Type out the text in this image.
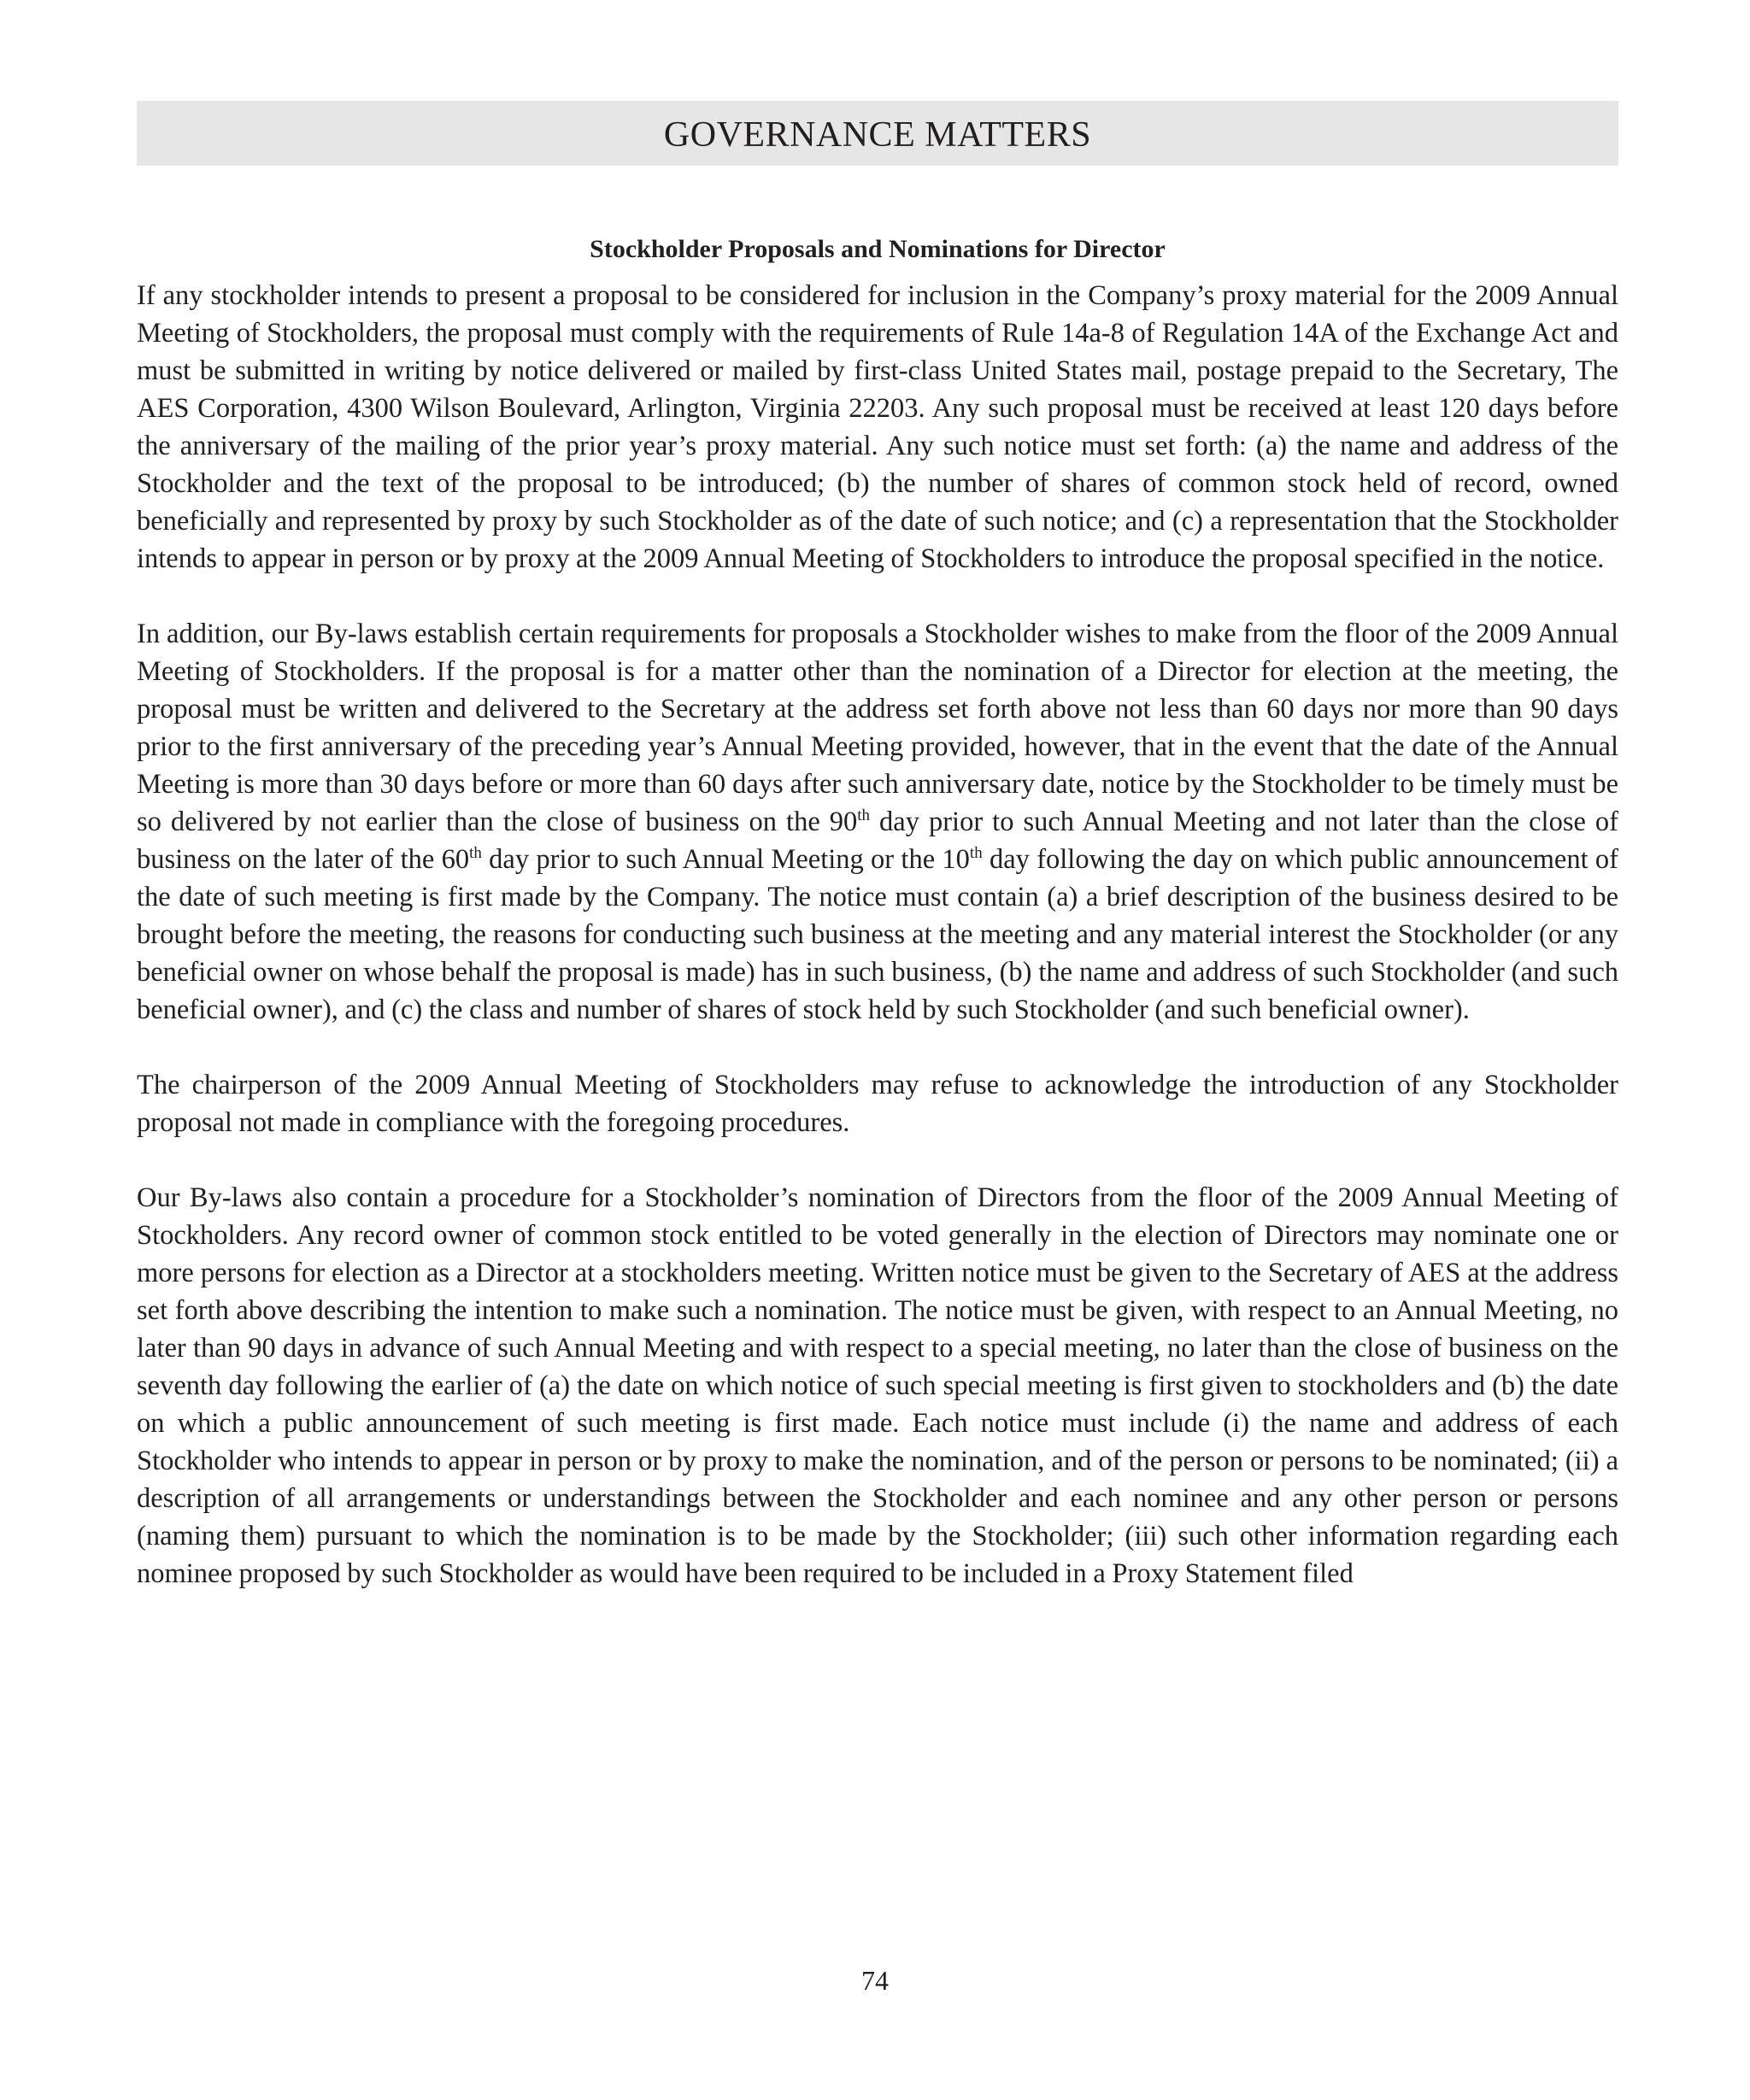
GOVERNANCE MATTERS
Stockholder Proposals and Nominations for Director

If any stockholder intends to present a proposal to be considered for inclusion in the Company’s proxy material for the 2009 Annual Meeting of Stockholders, the proposal must comply with the requirements of Rule 14a-8 of Regulation 14A of the Exchange Act and must be submitted in writing by notice delivered or mailed by first-class United States mail, postage prepaid to the Secretary, The AES Corporation, 4300 Wilson Boulevard, Arlington, Virginia 22203. Any such proposal must be received at least 120 days before the anniversary of the mailing of the prior year’s proxy material. Any such notice must set forth: (a) the name and address of the Stockholder and the text of the proposal to be introduced; (b) the number of shares of common stock held of record, owned beneficially and represented by proxy by such Stockholder as of the date of such notice; and (c) a representation that the Stockholder intends to appear in person or by proxy at the 2009 Annual Meeting of Stockholders to introduce the proposal specified in the notice.

In addition, our By-laws establish certain requirements for proposals a Stockholder wishes to make from the floor of the 2009 Annual Meeting of Stockholders. If the proposal is for a matter other than the nomination of a Director for election at the meeting, the proposal must be written and delivered to the Secretary at the address set forth above not less than 60 days nor more than 90 days prior to the first anniversary of the preceding year’s Annual Meeting provided, however, that in the event that the date of the Annual Meeting is more than 30 days before or more than 60 days after such anniversary date, notice by the Stockholder to be timely must be so delivered by not earlier than the close of business on the 90th day prior to such Annual Meeting and not later than the close of business on the later of the 60th day prior to such Annual Meeting or the 10th day following the day on which public announcement of the date of such meeting is first made by the Company. The notice must contain (a) a brief description of the business desired to be brought before the meeting, the reasons for conducting such business at the meeting and any material interest the Stockholder (or any beneficial owner on whose behalf the proposal is made) has in such business, (b) the name and address of such Stockholder (and such beneficial owner), and (c) the class and number of shares of stock held by such Stockholder (and such beneficial owner).

The chairperson of the 2009 Annual Meeting of Stockholders may refuse to acknowledge the introduction of any Stockholder proposal not made in compliance with the foregoing procedures.

Our By-laws also contain a procedure for a Stockholder’s nomination of Directors from the floor of the 2009 Annual Meeting of Stockholders. Any record owner of common stock entitled to be voted generally in the election of Directors may nominate one or more persons for election as a Director at a stockholders meeting. Written notice must be given to the Secretary of AES at the address set forth above describing the intention to make such a nomination. The notice must be given, with respect to an Annual Meeting, no later than 90 days in advance of such Annual Meeting and with respect to a special meeting, no later than the close of business on the seventh day following the earlier of (a) the date on which notice of such special meeting is first given to stockholders and (b) the date on which a public announcement of such meeting is first made. Each notice must include (i) the name and address of each Stockholder who intends to appear in person or by proxy to make the nomination, and of the person or persons to be nominated; (ii) a description of all arrangements or understandings between the Stockholder and each nominee and any other person or persons (naming them) pursuant to which the nomination is to be made by the Stockholder; (iii) such other information regarding each nominee proposed by such Stockholder as would have been required to be included in a Proxy Statement filed

74
